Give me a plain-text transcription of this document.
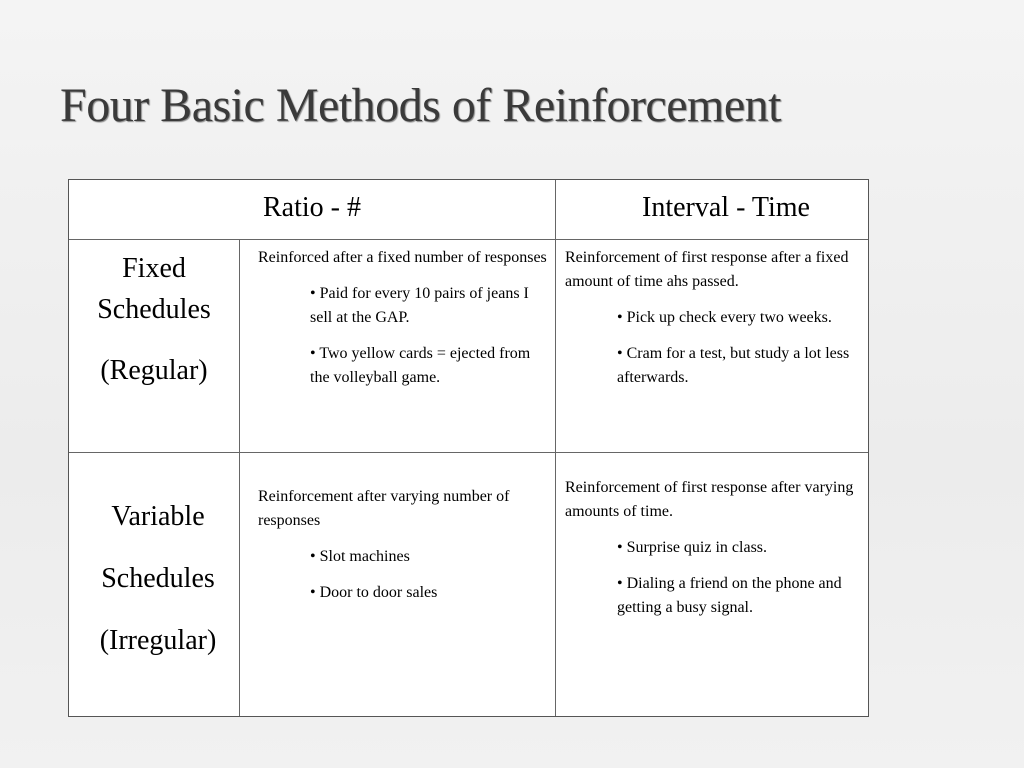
Four Basic Methods of Reinforcement
Ratio - #	Interval - Time

Fixed

Schedules

(Regular)

Reinforced after a fixed number of responses

• Paid for every 10 pairs of jeans I sell at the GAP.

• Two yellow cards = ejected from the volleyball game.

Reinforcement of first response after a fixed amount of time ahs passed.

• Pick up check every two weeks.

• Cram for a test, but study a lot less afterwards.

Variable

Schedules

(Irregular)

Reinforcement after varying number of responses

• Slot machines

• Door to door sales

Reinforcement of first response after varying amounts of time.

• Surprise quiz in class.

• Dialing a friend on the phone and getting a busy signal.
